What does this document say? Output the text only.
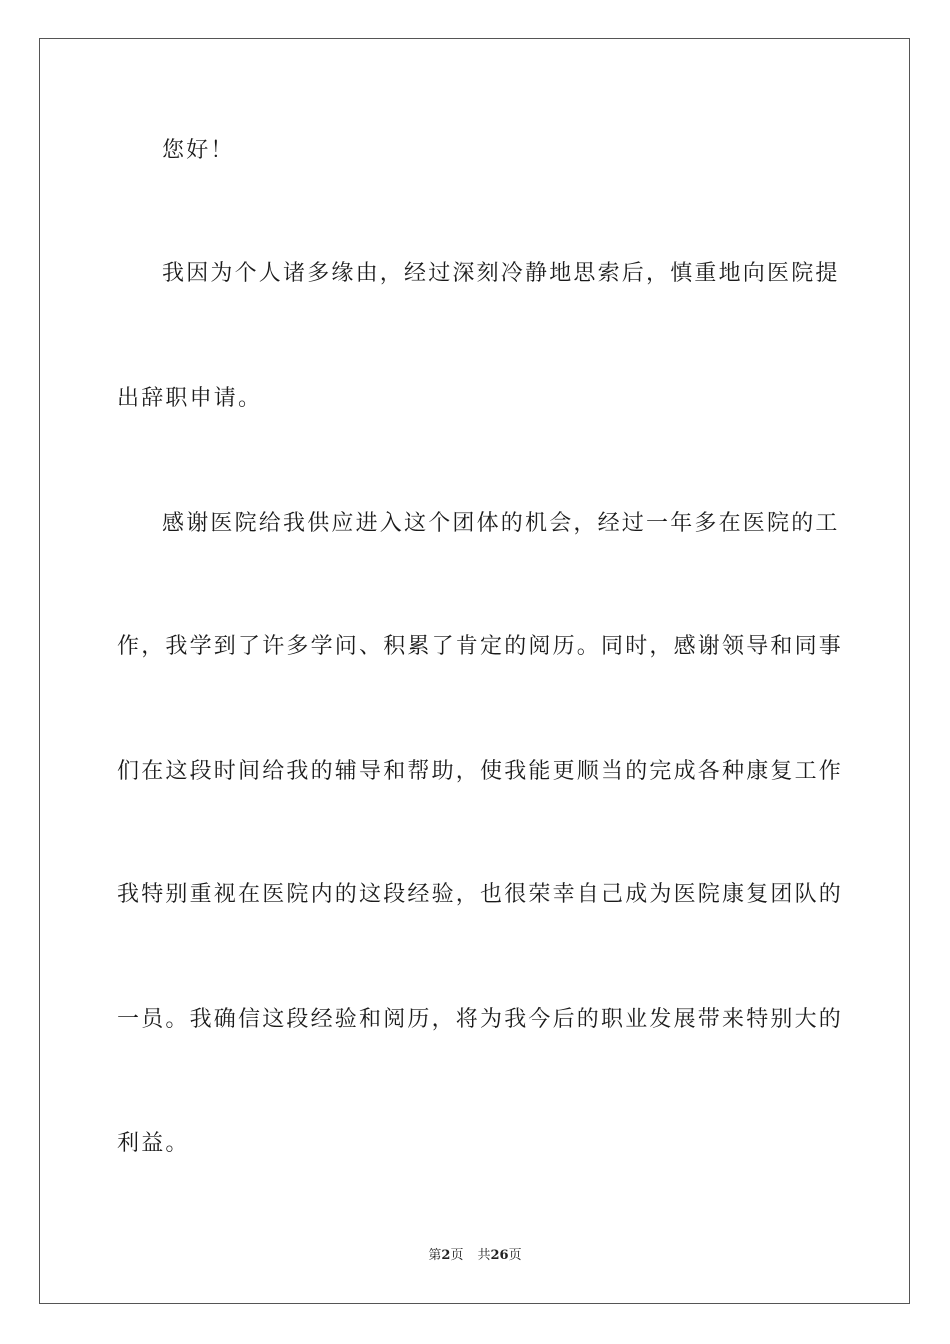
您好！
我因为个人诸多缘由，经过深刻冷静地思索后，慎重地向医院提
出辞职申请。
感谢医院给我供应进入这个团体的机会，经过一年多在医院的工
作，我学到了许多学问、积累了肯定的阅历。同时，感谢领导和同事
们在这段时间给我的辅导和帮助，使我能更顺当的完成各种康复工作
我特别重视在医院内的这段经验，也很荣幸自己成为医院康复团队的
一员。我确信这段经验和阅历，将为我今后的职业发展带来特别大的
利益。
第2页 共26页
